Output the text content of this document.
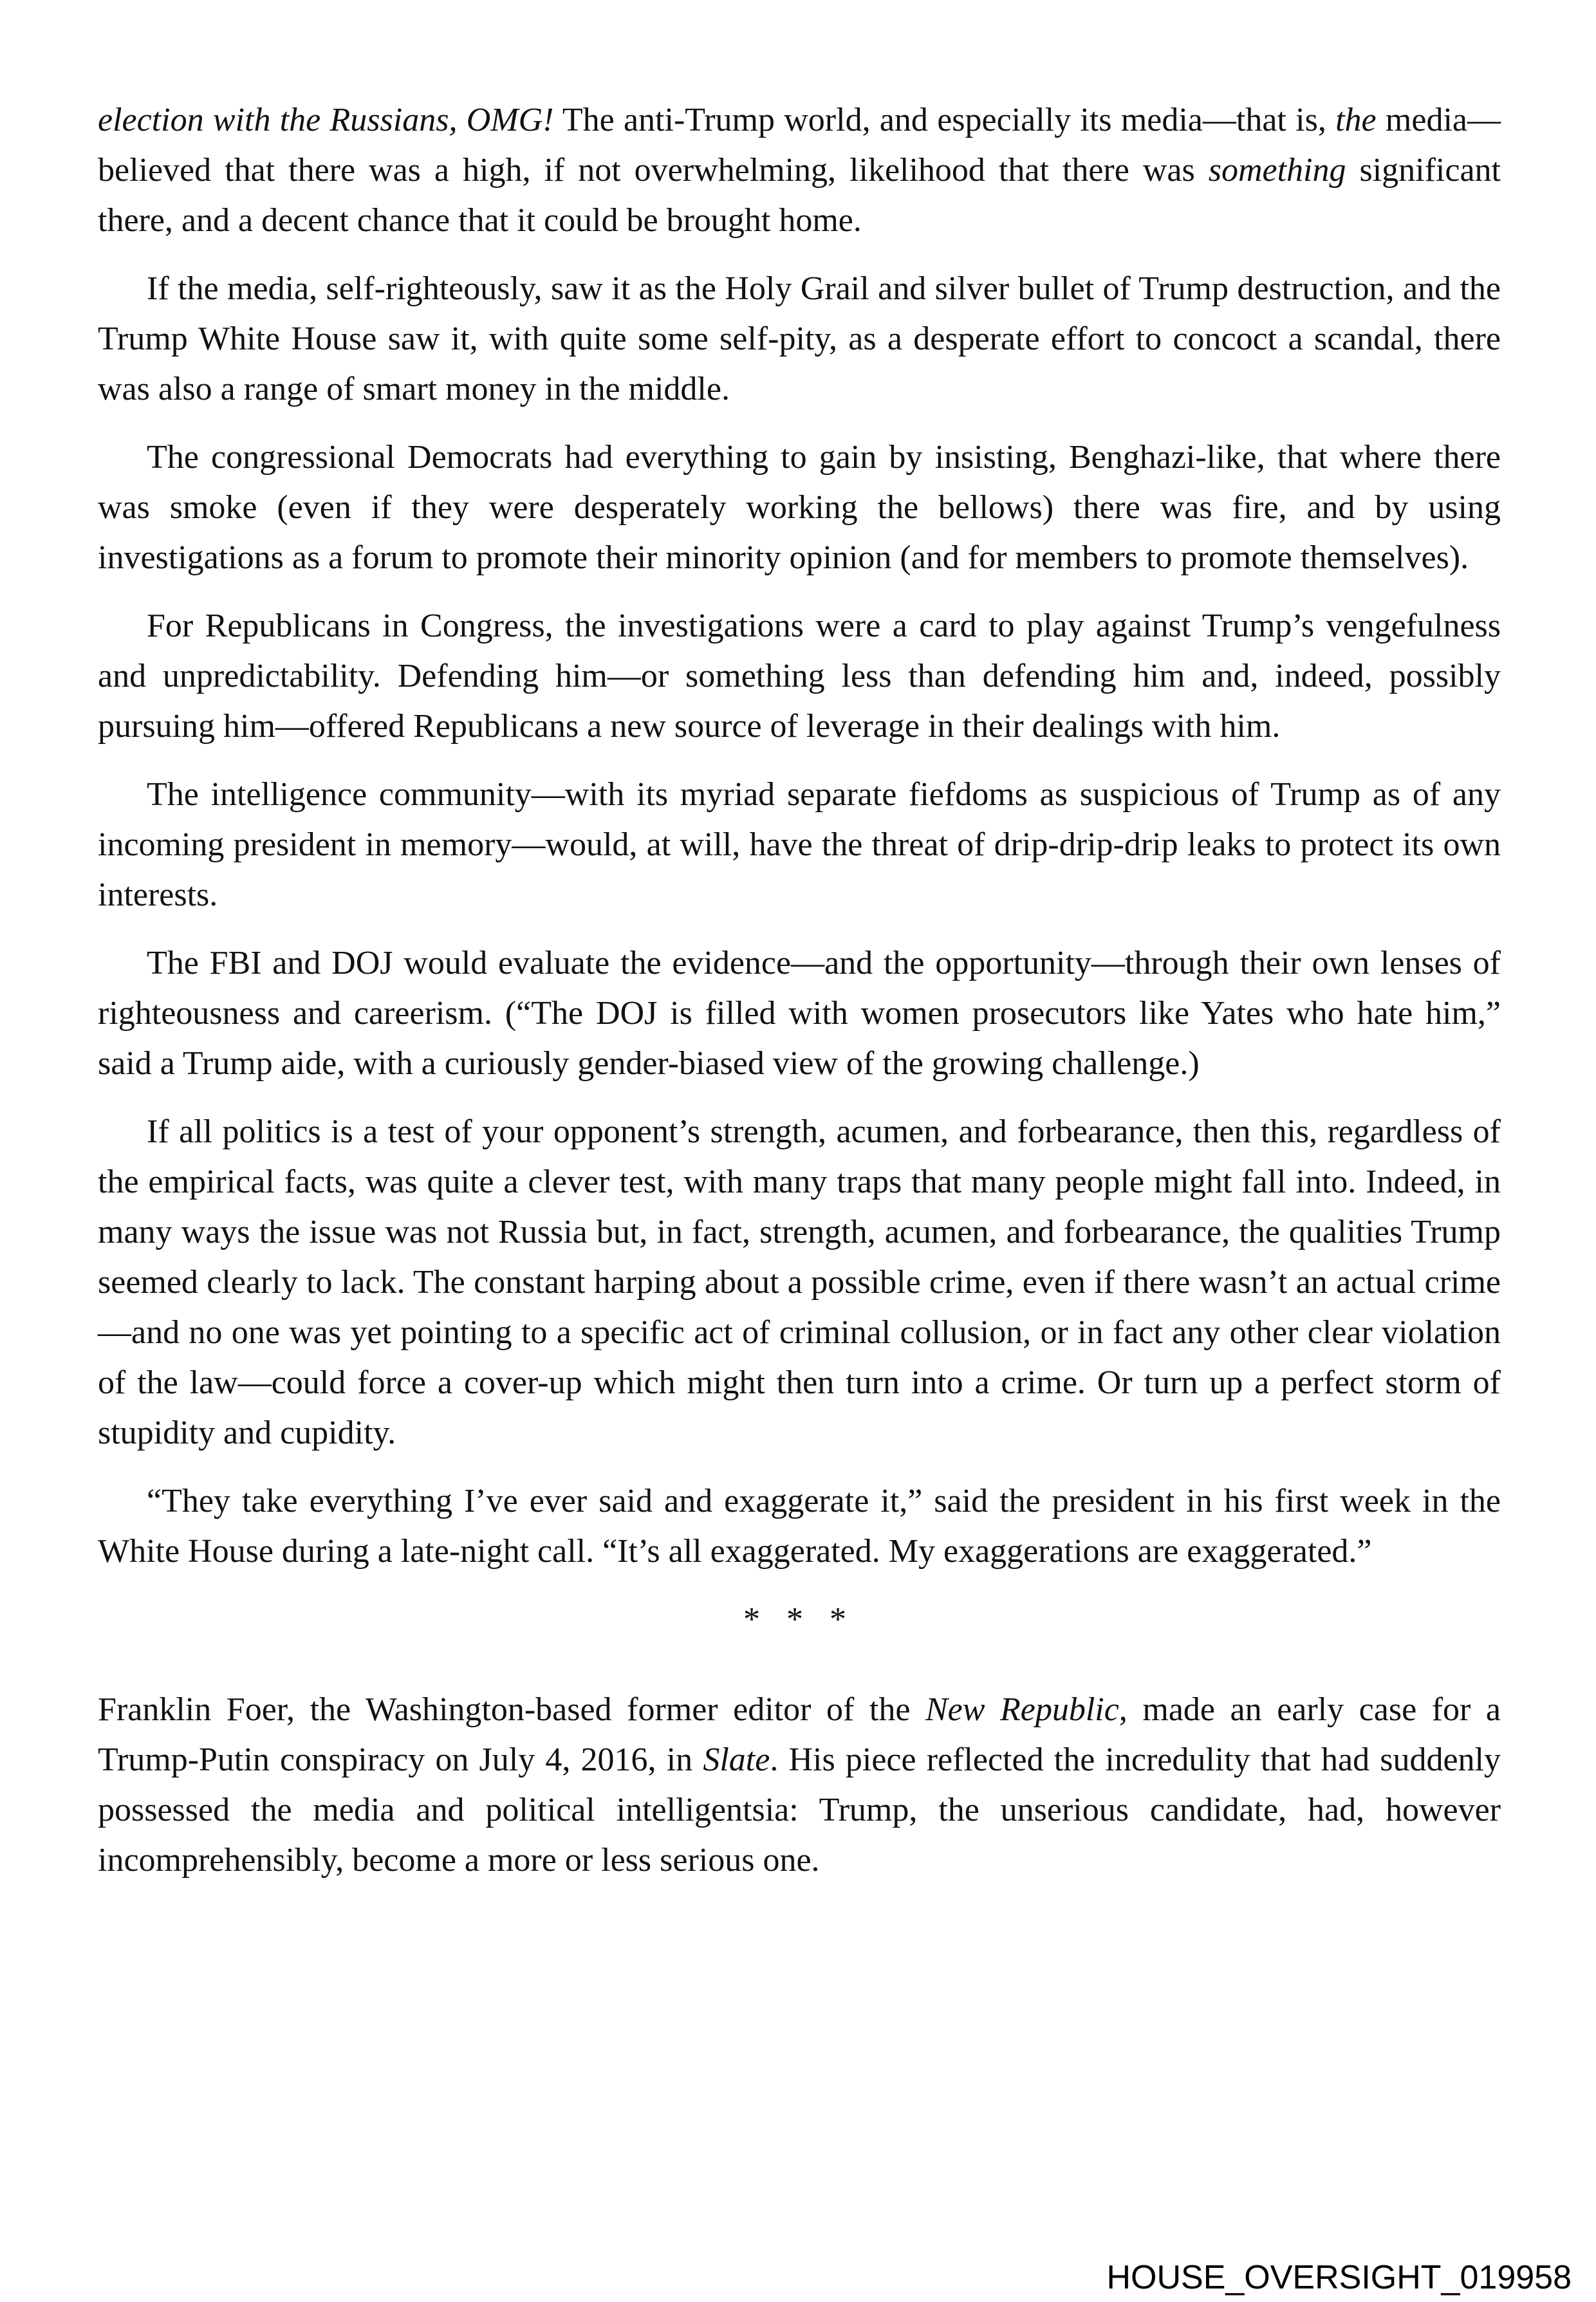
election with the Russians, OMG! The anti-Trump world, and especially its media—that is, the media—believed that there was a high, if not overwhelming, likelihood that there was something significant there, and a decent chance that it could be brought home.

If the media, self-righteously, saw it as the Holy Grail and silver bullet of Trump destruction, and the Trump White House saw it, with quite some self-pity, as a desperate effort to concoct a scandal, there was also a range of smart money in the middle.

The congressional Democrats had everything to gain by insisting, Benghazi-like, that where there was smoke (even if they were desperately working the bellows) there was fire, and by using investigations as a forum to promote their minority opinion (and for members to promote themselves).

For Republicans in Congress, the investigations were a card to play against Trump’s vengefulness and unpredictability. Defending him—or something less than defending him and, indeed, possibly pursuing him—offered Republicans a new source of leverage in their dealings with him.

The intelligence community—with its myriad separate fiefdoms as suspicious of Trump as of any incoming president in memory—would, at will, have the threat of drip-drip-drip leaks to protect its own interests.

The FBI and DOJ would evaluate the evidence—and the opportunity—through their own lenses of righteousness and careerism. (“The DOJ is filled with women prosecutors like Yates who hate him,” said a Trump aide, with a curiously gender-biased view of the growing challenge.)

If all politics is a test of your opponent’s strength, acumen, and forbearance, then this, regardless of the empirical facts, was quite a clever test, with many traps that many people might fall into. Indeed, in many ways the issue was not Russia but, in fact, strength, acumen, and forbearance, the qualities Trump seemed clearly to lack. The constant harping about a possible crime, even if there wasn’t an actual crime—and no one was yet pointing to a specific act of criminal collusion, or in fact any other clear violation of the law—could force a cover-up which might then turn into a crime. Or turn up a perfect storm of stupidity and cupidity.

“They take everything I’ve ever said and exaggerate it,” said the president in his first week in the White House during a late-night call. “It’s all exaggerated. My exaggerations are exaggerated.”

* * *

Franklin Foer, the Washington-based former editor of the New Republic, made an early case for a Trump-Putin conspiracy on July 4, 2016, in Slate. His piece reflected the incredulity that had suddenly possessed the media and political intelligentsia: Trump, the unserious candidate, had, however incomprehensibly, become a more or less serious one.

HOUSE_OVERSIGHT_019958
